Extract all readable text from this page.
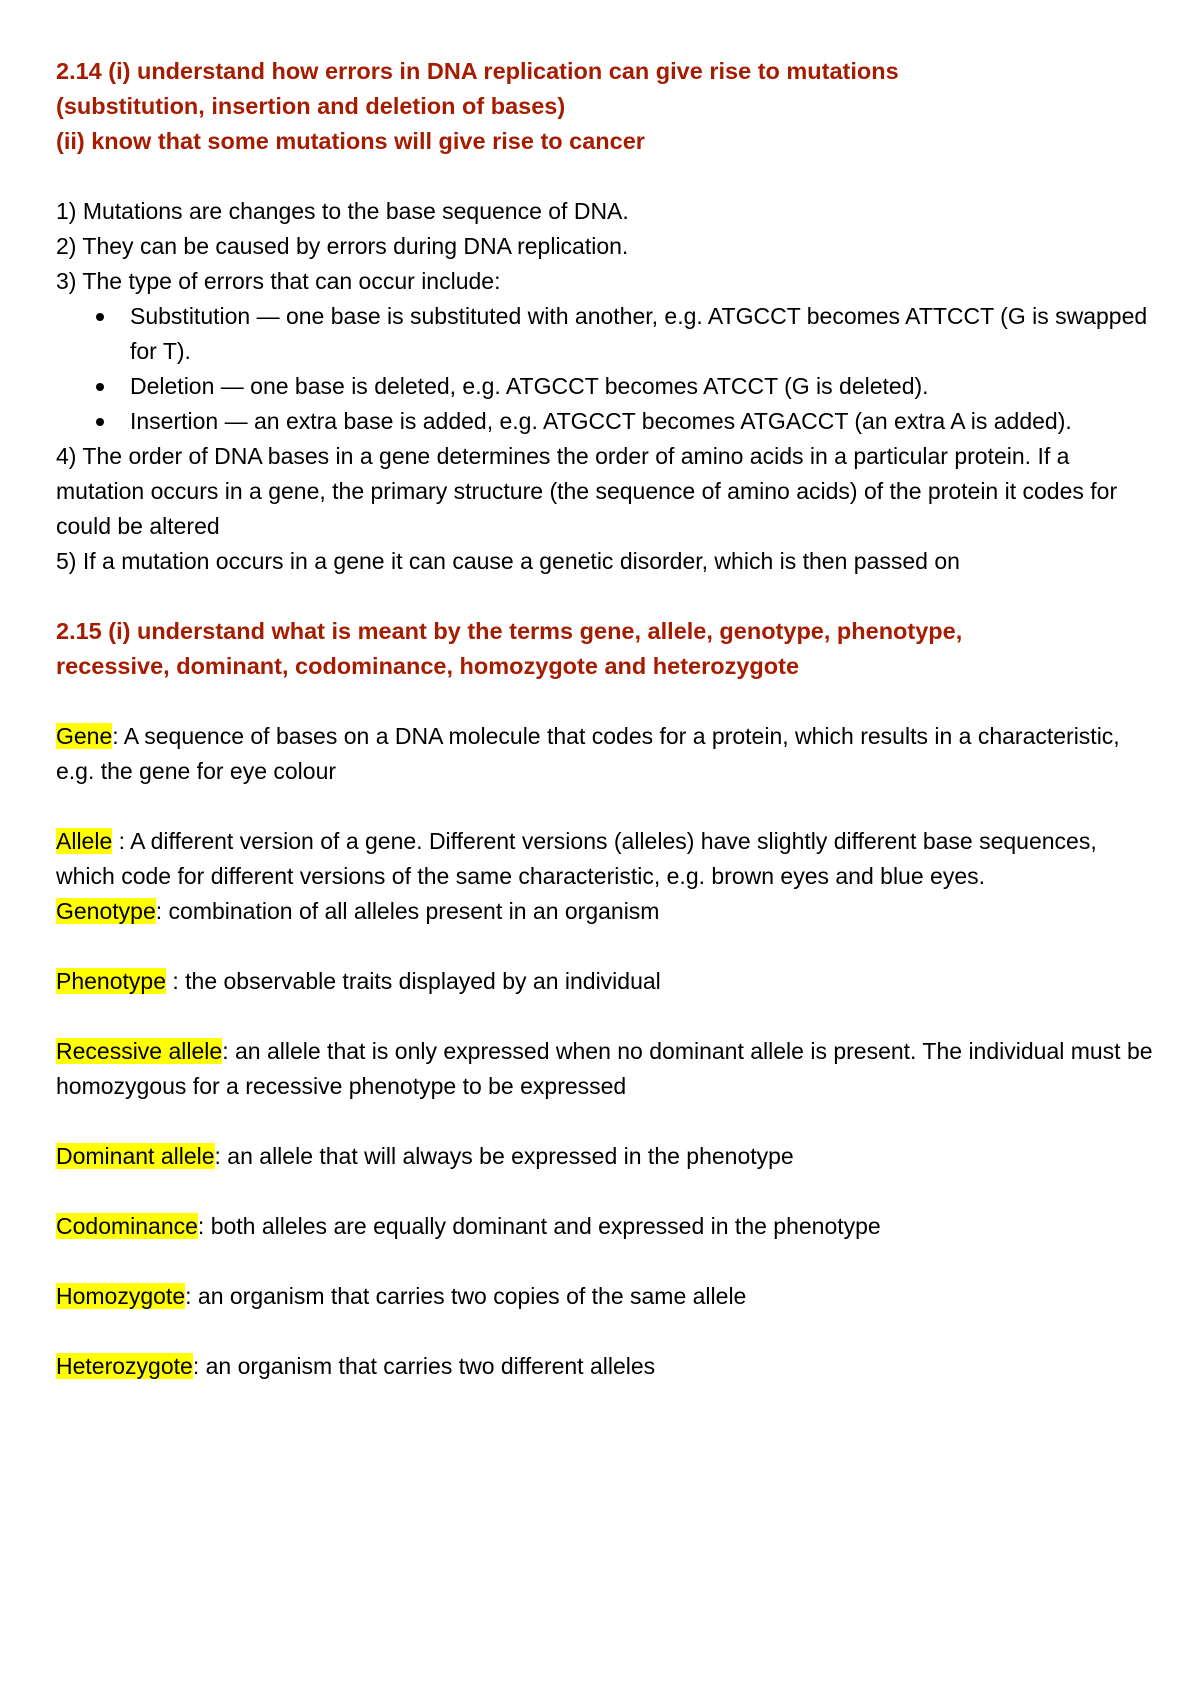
2.14 (i) understand how errors in DNA replication can give rise to mutations

(substitution, insertion and deletion of bases)

(ii) know that some mutations will give rise to cancer

1) Mutations are changes to the base sequence of DNA.

2) They can be caused by errors during DNA replication.

3) The type of errors that can occur include:

Substitution — one base is substituted with another, e.g. ATGCCT becomes ATTCCT (G is swapped for T).
Deletion — one base is deleted, e.g. ATGCCT becomes ATCCT (G is deleted).
Insertion — an extra base is added, e.g. ATGCCT becomes ATGACCT (an extra A is added).

4) The order of DNA bases in a gene determines the order of amino acids in a particular protein. If a mutation occurs in a gene, the primary structure (the sequence of amino acids) of the protein it codes for could be altered

5) If a mutation occurs in a gene it can cause a genetic disorder, which is then passed on

2.15 (i) understand what is meant by the terms gene, allele, genotype, phenotype,

recessive, dominant, codominance, homozygote and heterozygote

Gene: A sequence of bases on a DNA molecule that codes for a protein, which results in a characteristic, e.g. the gene for eye colour

Allele : A different version of a gene. Different versions (alleles) have slightly different base sequences, which code for different versions of the same characteristic, e.g. brown eyes and blue eyes.

Genotype: combination of all alleles present in an organism

Phenotype : the observable traits displayed by an individual

Recessive allele: an allele that is only expressed when no dominant allele is present. The individual must be homozygous for a recessive phenotype to be expressed

Dominant allele: an allele that will always be expressed in the phenotype

Codominance: both alleles are equally dominant and expressed in the phenotype

Homozygote: an organism that carries two copies of the same allele

Heterozygote: an organism that carries two different alleles
